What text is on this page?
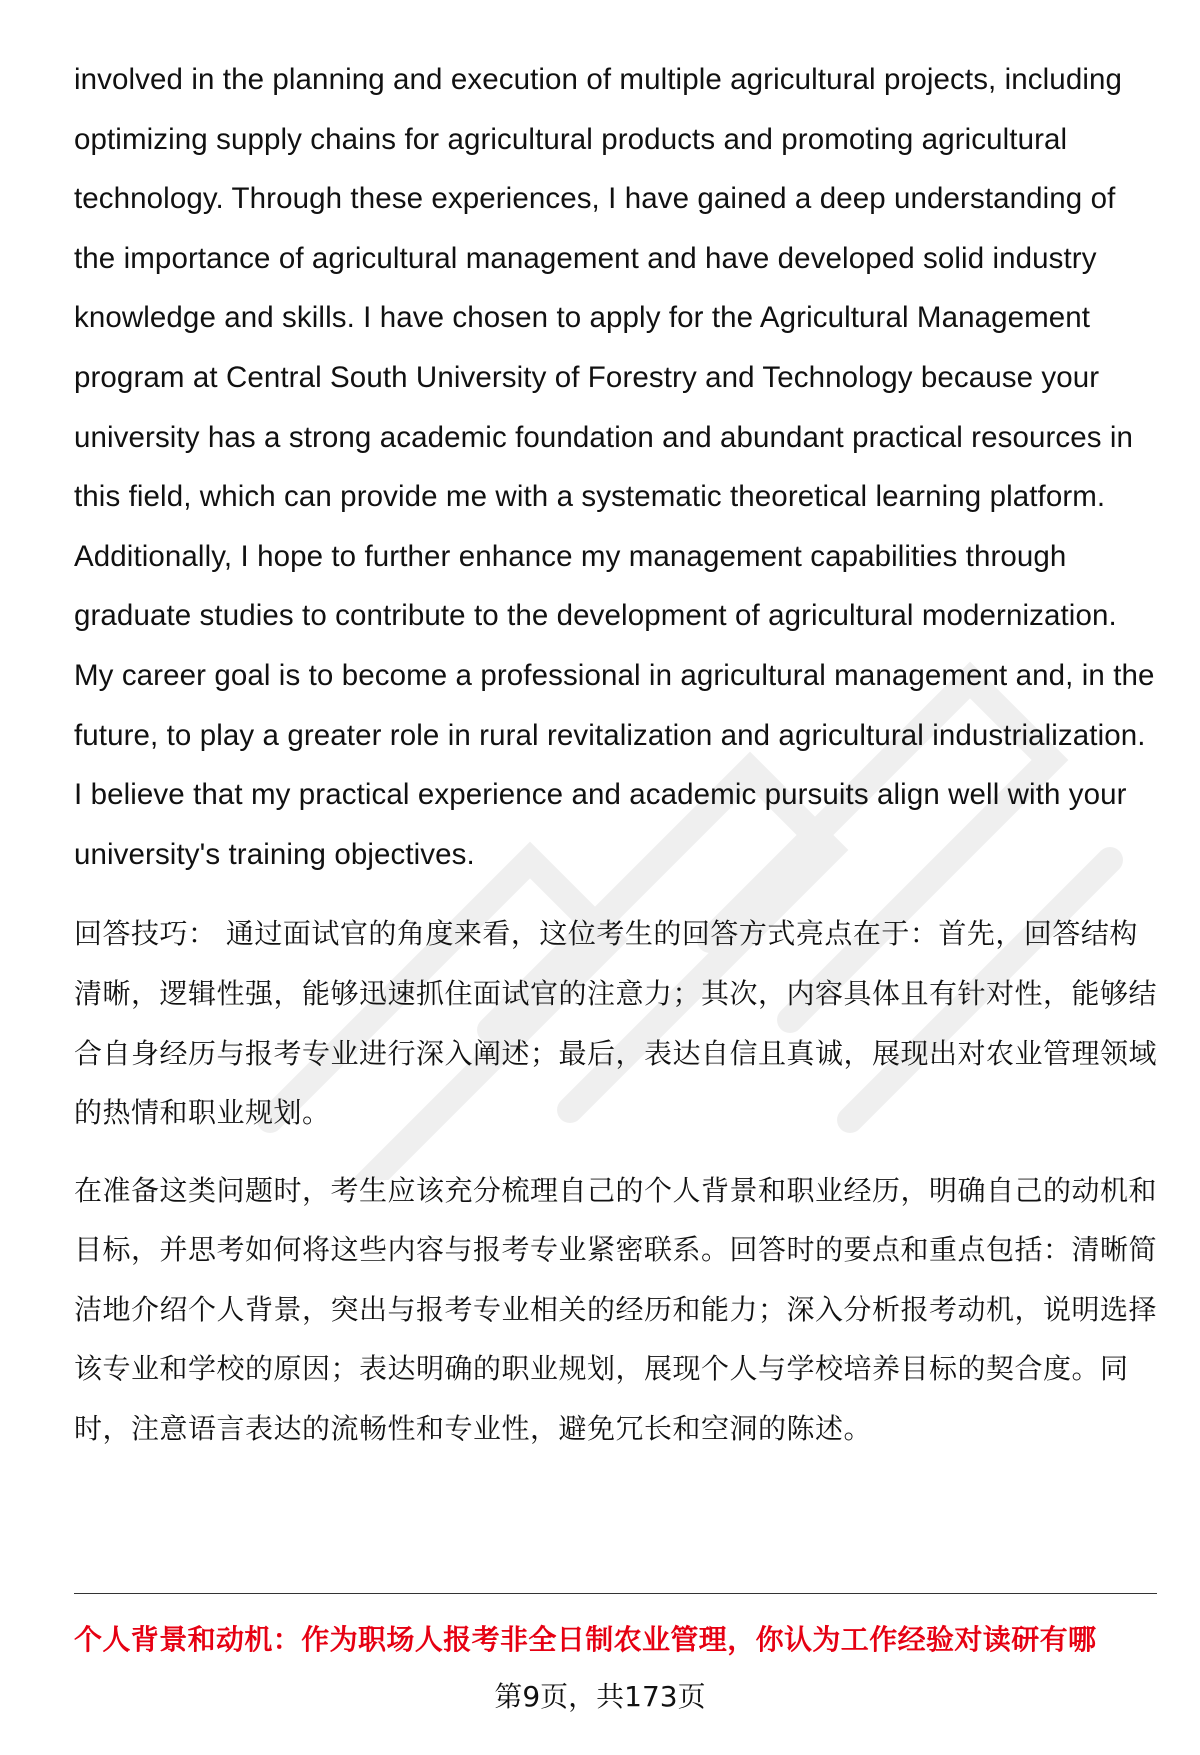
involved in the planning and execution of multiple agricultural projects, including optimizing supply chains for agricultural products and promoting agricultural technology. Through these experiences, I have gained a deep understanding of the importance of agricultural management and have developed solid industry knowledge and skills. I have chosen to apply for the Agricultural Management program at Central South University of Forestry and Technology because your university has a strong academic foundation and abundant practical resources in this field, which can provide me with a systematic theoretical learning platform. Additionally, I hope to further enhance my management capabilities through graduate studies to contribute to the development of agricultural modernization. My career goal is to become a professional in agricultural management and, in the future, to play a greater role in rural revitalization and agricultural industrialization. I believe that my practical experience and academic pursuits align well with your university's training objectives.

回答技巧： 通过面试官的角度来看，这位考生的回答方式亮点在于：首先，回答结构清晰，逻辑性强，能够迅速抓住面试官的注意力；其次，内容具体且有针对性，能够结合自身经历与报考专业进行深入阐述；最后，表达自信且真诚，展现出对农业管理领域的热情和职业规划。

在准备这类问题时，考生应该充分梳理自己的个人背景和职业经历，明确自己的动机和目标，并思考如何将这些内容与报考专业紧密联系。回答时的要点和重点包括：清晰简洁地介绍个人背景，突出与报考专业相关的经历和能力；深入分析报考动机，说明选择该专业和学校的原因；表达明确的职业规划，展现个人与学校培养目标的契合度。同时，注意语言表达的流畅性和专业性，避免冗长和空洞的陈述。

个人背景和动机：作为职场人报考非全日制农业管理，你认为工作经验对读研有哪
第9页，共173页
